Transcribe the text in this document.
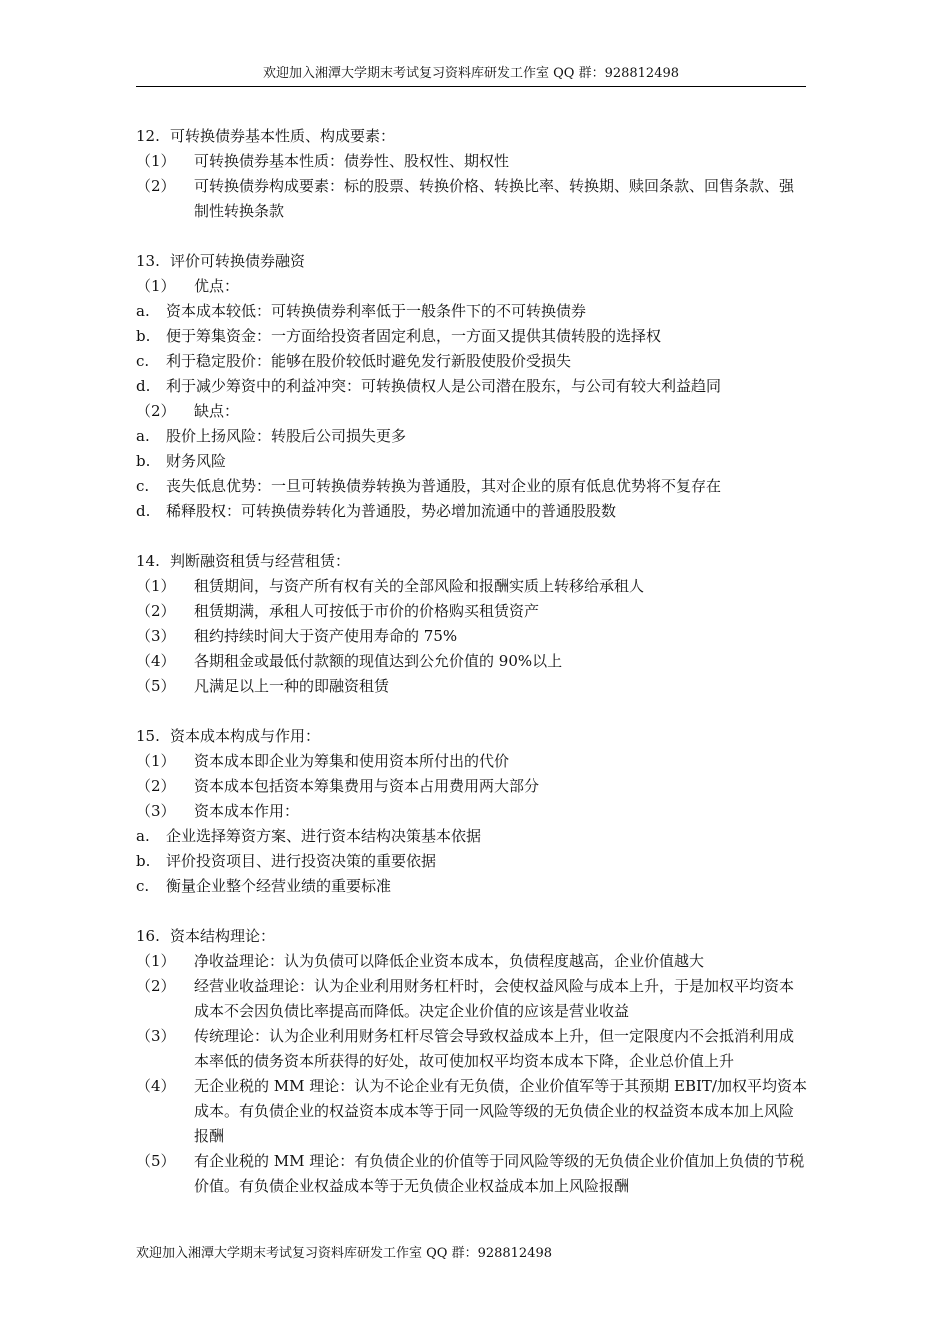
欢迎加入湘潭大学期末考试复习资料库研发工作室 QQ 群：928812498
12. 可转换债券基本性质、构成要素：
（1）	可转换债券基本性质：债券性、股权性、期权性
（2）	可转换债券构成要素：标的股票、转换价格、转换比率、转换期、赎回条款、回售条款、强制性转换条款
13. 评价可转换债券融资
（1）	优点：
a.	资本成本较低：可转换债券利率低于一般条件下的不可转换债券
b.	便于筹集资金：一方面给投资者固定利息，一方面又提供其债转股的选择权
c.	利于稳定股价：能够在股价较低时避免发行新股使股价受损失
d.	利于减少筹资中的利益冲突：可转换债权人是公司潜在股东，与公司有较大利益趋同
（2）	缺点：
a.	股价上扬风险：转股后公司损失更多
b.	财务风险
c.	丧失低息优势：一旦可转换债券转换为普通股，其对企业的原有低息优势将不复存在
d.	稀释股权：可转换债券转化为普通股，势必增加流通中的普通股股数
14. 判断融资租赁与经营租赁：
（1）	租赁期间，与资产所有权有关的全部风险和报酬实质上转移给承租人
（2）	租赁期满，承租人可按低于市价的价格购买租赁资产
（3）	租约持续时间大于资产使用寿命的 75%
（4）	各期租金或最低付款额的现值达到公允价值的 90%以上
（5）	凡满足以上一种的即融资租赁
15. 资本成本构成与作用：
（1）	资本成本即企业为筹集和使用资本所付出的代价
（2）	资本成本包括资本筹集费用与资本占用费用两大部分
（3）	资本成本作用：
a.	企业选择筹资方案、进行资本结构决策基本依据
b.	评价投资项目、进行投资决策的重要依据
c.	衡量企业整个经营业绩的重要标准
16. 资本结构理论：
（1）	净收益理论：认为负债可以降低企业资本成本，负债程度越高，企业价值越大
（2）	经营业收益理论：认为企业利用财务杠杆时，会使权益风险与成本上升，于是加权平均资本成本不会因负债比率提高而降低。决定企业价值的应该是营业收益
（3）	传统理论：认为企业利用财务杠杆尽管会导致权益成本上升，但一定限度内不会抵消利用成本率低的债务资本所获得的好处，故可使加权平均资本成本下降，企业总价值上升
（4）	无企业税的 MM 理论：认为不论企业有无负债，企业价值军等于其预期 EBIT/加权平均资本成本。有负债企业的权益资本成本等于同一风险等级的无负债企业的权益资本成本加上风险报酬
（5）	有企业税的 MM 理论：有负债企业的价值等于同风险等级的无负债企业价值加上负债的节税价值。有负债企业权益成本等于无负债企业权益成本加上风险报酬
欢迎加入湘潭大学期末考试复习资料库研发工作室 QQ 群：928812498
